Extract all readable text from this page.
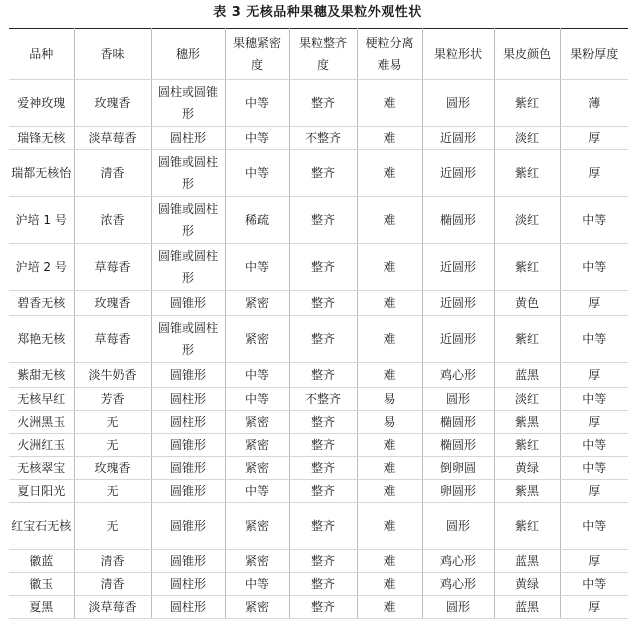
表 3 无核品种果穗及果粒外观性状
品种	香味	穗形	果穗紧密度	果粒整齐度	梗粒分离难易	果粒形状	果皮颜色	果粉厚度
爱神玫瑰	玫瑰香	圆柱或圆锥形	中等	整齐	难	圆形	紫红	薄
瑞锋无核	淡草莓香	圆柱形	中等	不整齐	难	近圆形	淡红	厚
瑞都无核怡	清香	圆锥或圆柱形	中等	整齐	难	近圆形	紫红	厚
沪培 1 号	浓香	圆锥或圆柱形	稀疏	整齐	难	椭圆形	淡红	中等
沪培 2 号	草莓香	圆锥或圆柱形	中等	整齐	难	近圆形	紫红	中等
碧香无核	玫瑰香	圆锥形	紧密	整齐	难	近圆形	黄色	厚
郑艳无核	草莓香	圆锥或圆柱形	紧密	整齐	难	近圆形	紫红	中等
紫甜无核	淡牛奶香	圆锥形	中等	整齐	难	鸡心形	蓝黑	厚
无核早红	芳香	圆柱形	中等	不整齐	易	圆形	淡红	中等
火洲黑玉	无	圆柱形	紧密	整齐	易	椭圆形	紫黑	厚
火洲红玉	无	圆锥形	紧密	整齐	难	椭圆形	紫红	中等
无核翠宝	玫瑰香	圆锥形	紧密	整齐	难	倒卵圆	黄绿	中等
夏日阳光	无	圆锥形	中等	整齐	难	卵圆形	紫黑	厚
红宝石无核	无	圆锥形	紧密	整齐	难	圆形	紫红	中等
徽蓝	清香	圆锥形	紧密	整齐	难	鸡心形	蓝黑	厚
徽玉	清香	圆柱形	中等	整齐	难	鸡心形	黄绿	中等
夏黑	淡草莓香	圆柱形	紧密	整齐	难	圆形	蓝黑	厚
